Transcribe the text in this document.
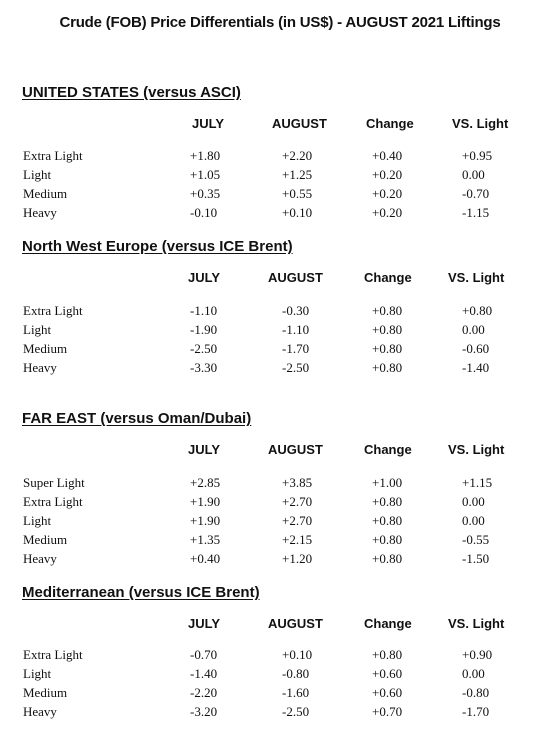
Crude (FOB) Price Differentials (in US$) - AUGUST 2021 Liftings
UNITED STATES (versus ASCI)
JULY	AUGUST	Change	VS. Light
Extra Light	+1.80	+2.20	+0.40	+0.95
Light	+1.05	+1.25	+0.20	0.00
Medium	+0.35	+0.55	+0.20	-0.70
Heavy	-0.10	+0.10	+0.20	-1.15
North West Europe (versus ICE Brent)
JULY	AUGUST	Change	VS. Light
Extra Light	-1.10	-0.30	+0.80	+0.80
Light	-1.90	-1.10	+0.80	0.00
Medium	-2.50	-1.70	+0.80	-0.60
Heavy	-3.30	-2.50	+0.80	-1.40
FAR EAST (versus Oman/Dubai)
JULY	AUGUST	Change	VS. Light
Super Light	+2.85	+3.85	+1.00	+1.15
Extra Light	+1.90	+2.70	+0.80	0.00
Light	+1.90	+2.70	+0.80	0.00
Medium	+1.35	+2.15	+0.80	-0.55
Heavy	+0.40	+1.20	+0.80	-1.50
Mediterranean (versus ICE Brent)
JULY	AUGUST	Change	VS. Light
Extra Light	-0.70	+0.10	+0.80	+0.90
Light	-1.40	-0.80	+0.60	0.00
Medium	-2.20	-1.60	+0.60	-0.80
Heavy	-3.20	-2.50	+0.70	-1.70
